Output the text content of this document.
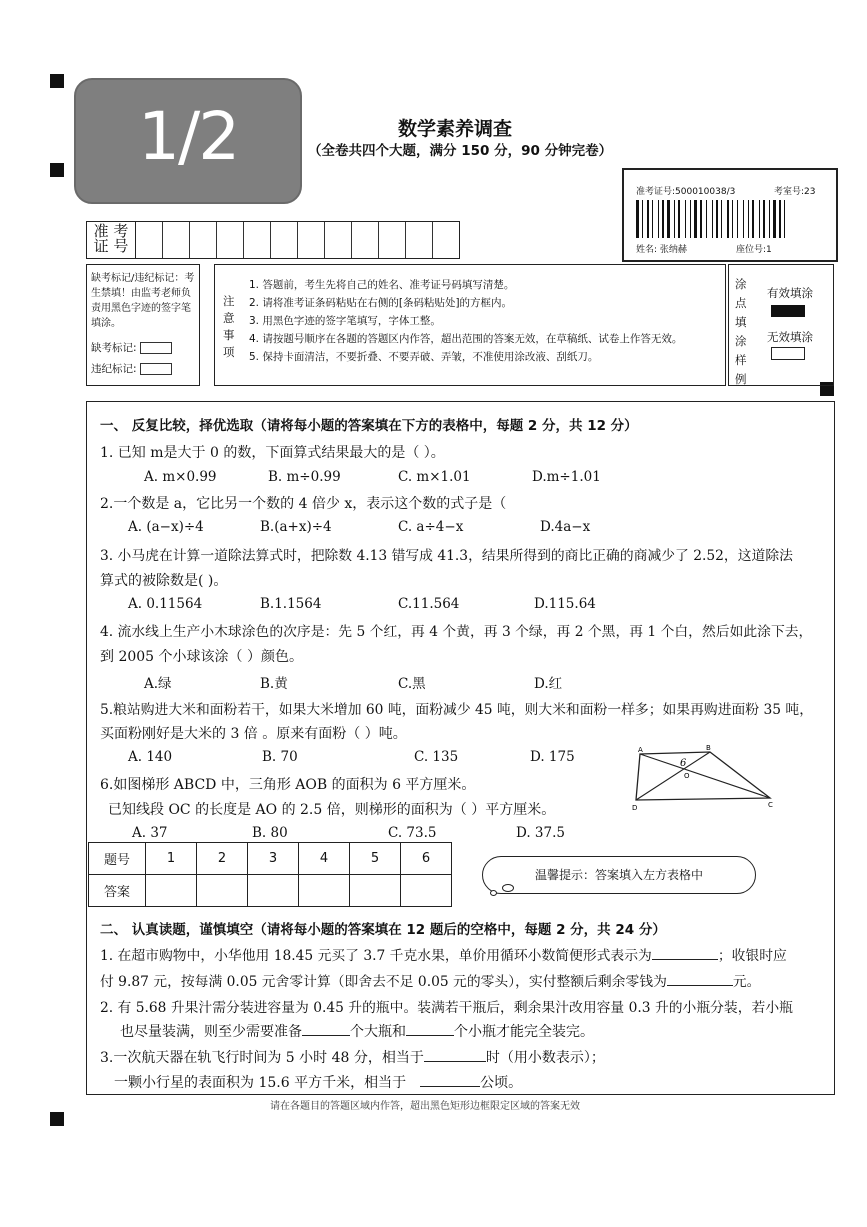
1/2	数学素养调查
（全卷共四个大题，满分 150 分，90 分钟完卷）
准考证号:500010038/3	考室号:23
姓名: 张纳赫	座位号:1
准 考
证 号
缺考标记/违纪标记：考生禁填！由监考老师负责用黑色字迹的签字笔填涂。
缺考标记:
违纪标记:
注意事项
1. 答题前，考生先将自己的姓名、准考证号码填写清楚。
2. 请将准考证条码粘贴在右侧的[条码粘贴处]的方框内。
3. 用黑色字迹的签字笔填写，字体工整。
4. 请按题号顺序在各题的答题区内作答，超出范围的答案无效，在草稿纸、试卷上作答无效。
5. 保持卡面清洁，不要折叠、不要弄破、弄皱，不准使用涂改液、刮纸刀。
涂点填涂样例
有效填涂
无效填涂
一、 反复比较，择优选取（请将每小题的答案填在下方的表格中，每题 2 分，共 12 分）
1. 已知 m是大于 0 的数，下面算式结果最大的是（ ）。
A. m×0.99	B. m÷0.99	C. m×1.01	D.m÷1.01
2.一个数是 a，它比另一个数的 4 倍少 x，表示这个数的式子是（
A. (a−x)÷4	B.(a+x)÷4	C. a÷4−x	D.4a−x
3. 小马虎在计算一道除法算式时，把除数 4.13 错写成 41.3，结果所得到的商比正确的商减少了 2.52，这道除法
算式的被除数是( )。
A. 0.11564	B.1.1564	C.11.564	D.115.64
4. 流水线上生产小木球涂色的次序是：先 5 个红，再 4 个黄，再 3 个绿，再 2 个黑，再 1 个白，然后如此涂下去，
到 2005 个小球该涂（ ）颜色。
A.绿	B.黄	C.黑	D.红
5.粮站购进大米和面粉若干，如果大米增加 60 吨，面粉减少 45 吨，则大米和面粉一样多；如果再购进面粉 35 吨，
买面粉刚好是大米的 3 倍 。原来有面粉（ ）吨。
A. 140	B. 70	C. 135	D. 175
6.如图梯形 ABCD 中，三角形 AOB 的面积为 6 平方厘米。
已知线段 OC 的长度是 AO 的 2.5 倍，则梯形的面积为（ ）平方厘米。
A. 37	B. 80	C. 73.5	D. 37.5
A	B
O
D	C
6
题号	1	2	3	4	5	6
答案						
温馨提示：答案填入左方表格中
二、 认真读题，谨慎填空（请将每小题的答案填在 12 题后的空格中，每题 2 分，共 24 分）
1. 在超市购物中，小华他用 18.45 元买了 3.7 千克水果，单价用循环小数简便形式表示为	；收银时应
付 9.87 元，按每满 0.05 元舍零计算（即舍去不足 0.05 元的零头），实付整额后剩余零钱为	元。
2. 有 5.68 升果汁需分装进容量为 0.45 升的瓶中。装满若干瓶后，剩余果汁改用容量 0.3 升的小瓶分装，若小瓶
也尽量装满，则至少需要准备	个大瓶和	个小瓶才能完全装完。
3.一次航天器在轨飞行时间为 5 小时 48 分，相当于	时（用小数表示）；
一颗小行星的表面积为 15.6 平方千米，相当于	公顷。
请在各题目的答题区域内作答，超出黑色矩形边框限定区域的答案无效
